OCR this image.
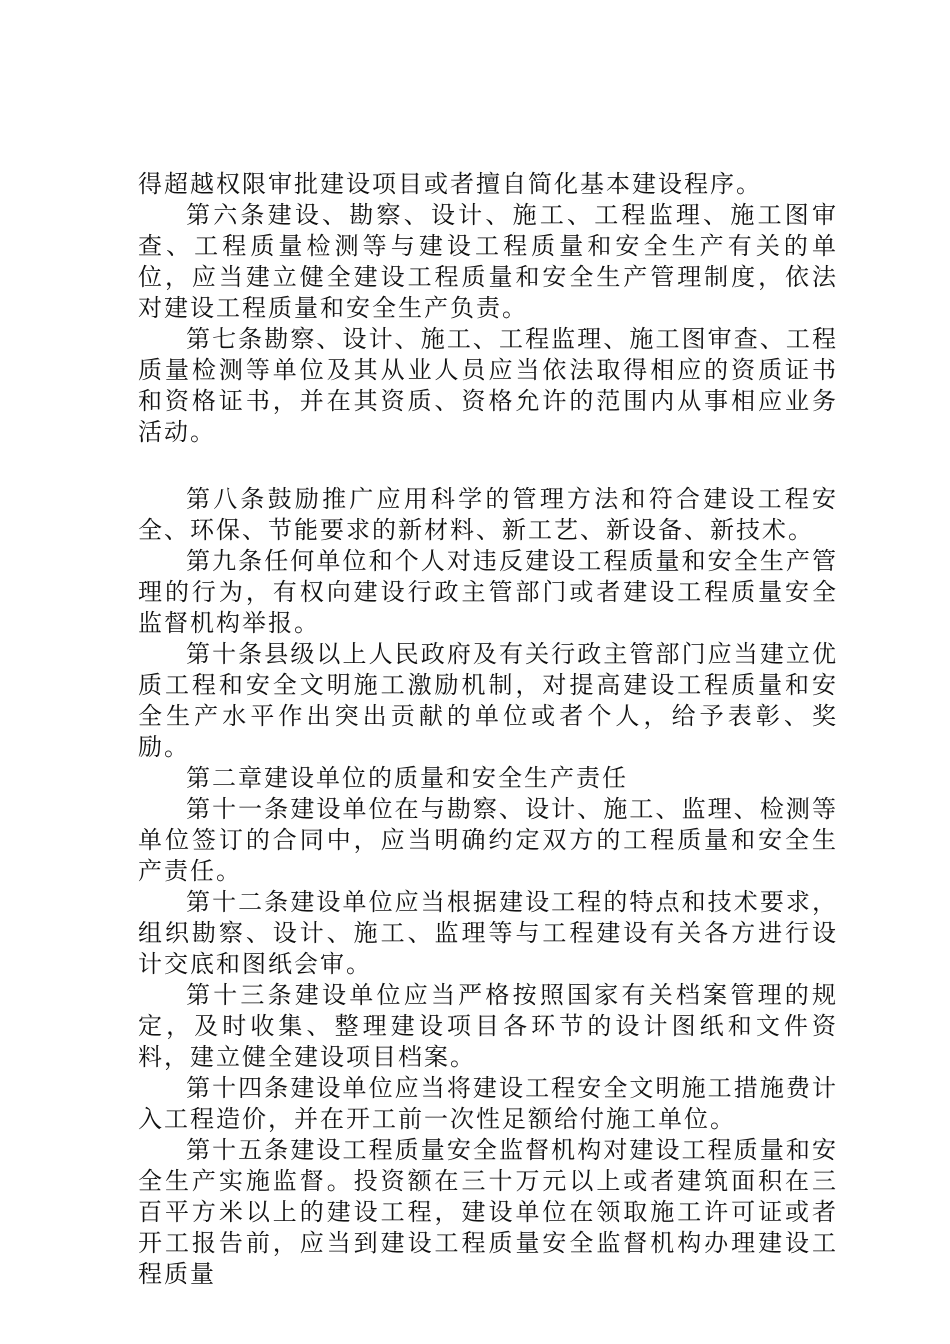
得超越权限审批建设项目或者擅自简化基本建设程序。

第六条建设、勘察、设计、施工、工程监理、施工图审查、工程质量检测等与建设工程质量和安全生产有关的单位，应当建立健全建设工程质量和安全生产管理制度，依法对建设工程质量和安全生产负责。

第七条勘察、设计、施工、工程监理、施工图审查、工程质量检测等单位及其从业人员应当依法取得相应的资质证书和资格证书，并在其资质、资格允许的范围内从事相应业务活动。

第八条鼓励推广应用科学的管理方法和符合建设工程安全、环保、节能要求的新材料、新工艺、新设备、新技术。

第九条任何单位和个人对违反建设工程质量和安全生产管理的行为，有权向建设行政主管部门或者建设工程质量安全监督机构举报。

第十条县级以上人民政府及有关行政主管部门应当建立优质工程和安全文明施工激励机制，对提高建设工程质量和安全生产水平作出突出贡献的单位或者个人，给予表彰、奖励。

第二章建设单位的质量和安全生产责任

第十一条建设单位在与勘察、设计、施工、监理、检测等单位签订的合同中，应当明确约定双方的工程质量和安全生产责任。

第十二条建设单位应当根据建设工程的特点和技术要求，组织勘察、设计、施工、监理等与工程建设有关各方进行设计交底和图纸会审。

第十三条建设单位应当严格按照国家有关档案管理的规定，及时收集、整理建设项目各环节的设计图纸和文件资料，建立健全建设项目档案。

第十四条建设单位应当将建设工程安全文明施工措施费计入工程造价，并在开工前一次性足额给付施工单位。

第十五条建设工程质量安全监督机构对建设工程质量和安全生产实施监督。投资额在三十万元以上或者建筑面积在三百平方米以上的建设工程，建设单位在领取施工许可证或者开工报告前，应当到建设工程质量安全监督机构办理建设工程质量
